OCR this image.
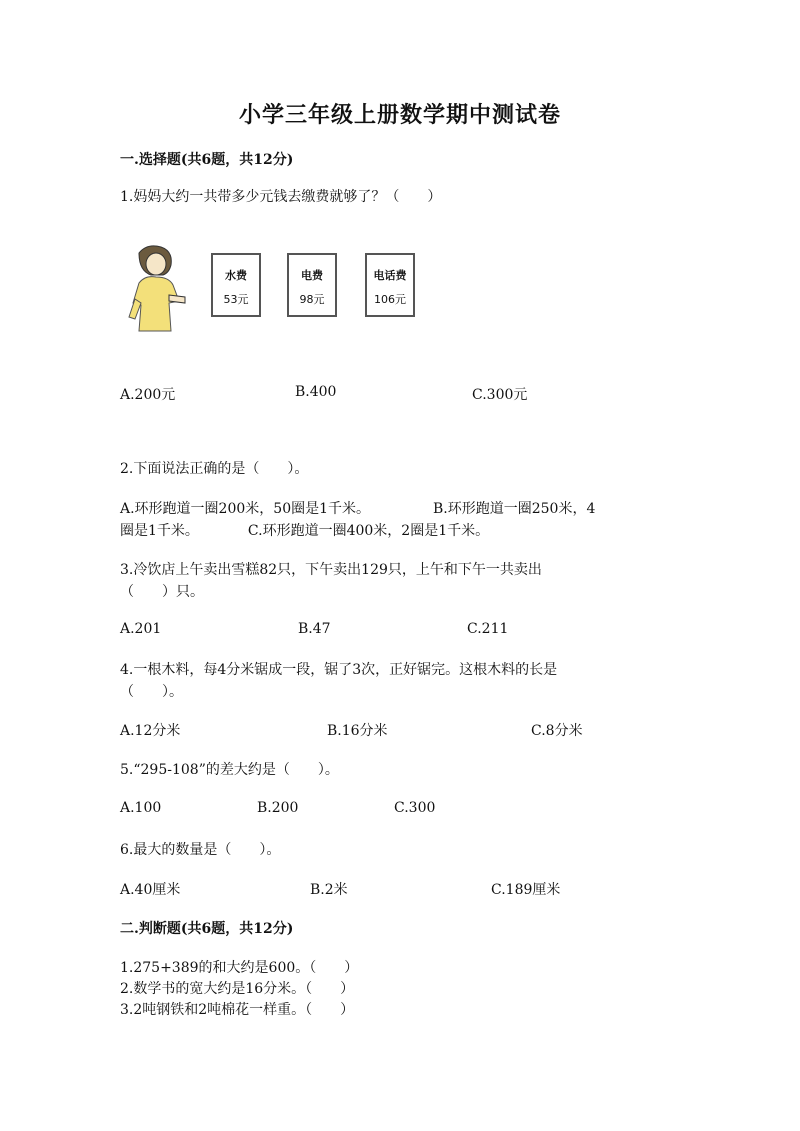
小学三年级上册数学期中测试卷
一.选择题(共6题，共12分)
1.妈妈大约一共带多少元钱去缴费就够了？（　　）
水费
53元
电费
98元
电话费
106元
A.200元	B.400	C.300元
2.下面说法正确的是（　　）。
A.环形跑道一圈200米，50圈是1千米。　　　　　B.环形跑道一圈250米，4
圈是1千米。　　　　C.环形跑道一圈400米，2圈是1千米。
3.冷饮店上午卖出雪糕82只，下午卖出129只，上午和下午一共卖出
（　　）只。
A.201	B.47	C.211
4.一根木料，每4分米锯成一段，锯了3次，正好锯完。这根木料的长是
（　　）。
A.12分米	B.16分米	C.8分米
5.“295-108”的差大约是（　　）。
A.100	B.200	C.300
6.最大的数量是（　　）。
A.40厘米	B.2米	C.189厘米
二.判断题(共6题，共12分)
1.275+389的和大约是600。（　　）
2.数学书的宽大约是16分米。（　　）
3.2吨钢铁和2吨棉花一样重。（　　）
